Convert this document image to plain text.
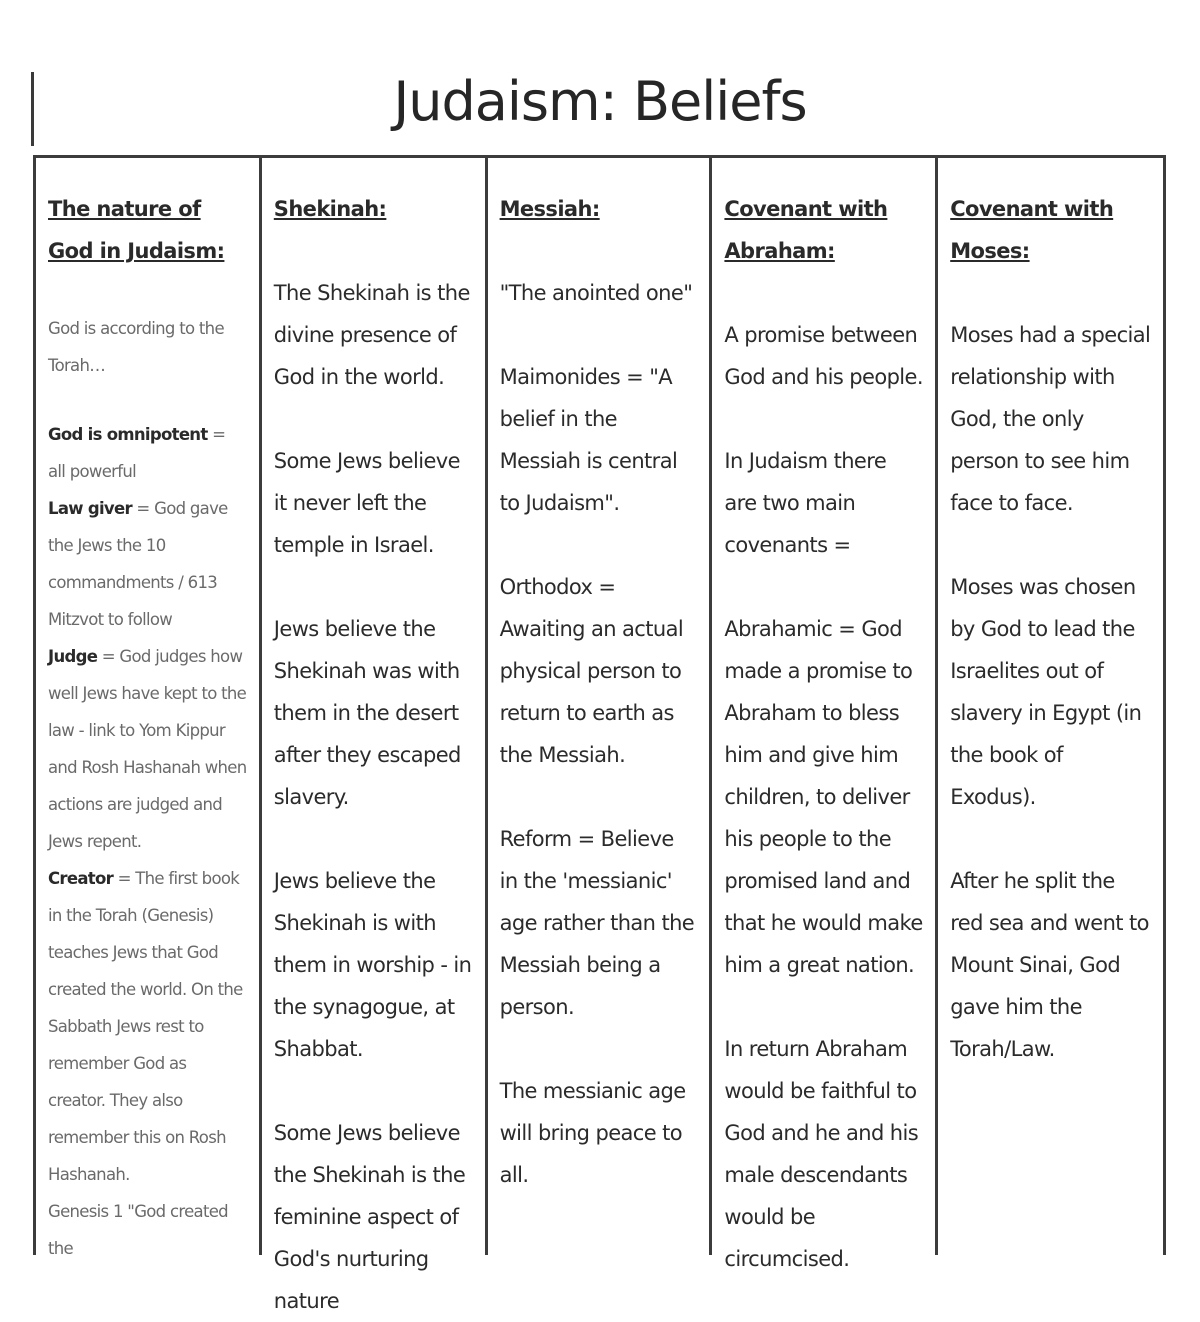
Judaism: Beliefs
The nature of God in Judaism:
God is according to the Torah…
God is omnipotent = all powerful
Law giver = God gave the Jews the 10 commandments / 613 Mitzvot to follow
Judge = God judges how well Jews have kept to the law - link to Yom Kippur and Rosh Hashanah when actions are judged and Jews repent.
Creator = The first book in the Torah (Genesis) teaches Jews that God created the world. On the Sabbath Jews rest to remember God as creator. They also remember this on Rosh Hashanah.
Genesis 1 "God created the
Shekinah:

The Shekinah is the divine presence of God in the world.

Some Jews believe it never left the temple in Israel.

Jews believe the Shekinah was with them in the desert after they escaped slavery.

Jews believe the Shekinah is with them in worship - in the synagogue, at Shabbat.

Some Jews believe the Shekinah is the feminine aspect of God's nurturing nature

Messiah:

"The anointed one"

Maimonides = "A belief in the Messiah is central to Judaism".

Orthodox = Awaiting an actual physical person to return to earth as the Messiah.

Reform = Believe in the 'messianic' age rather than the Messiah being a person.

The messianic age will bring peace to all.

Covenant with Abraham:

A promise between God and his people.

In Judaism there are two main covenants =

Abrahamic = God made a promise to Abraham to bless him and give him children, to deliver his people to the promised land and that he would make him a great nation.

In return Abraham would be faithful to God and he and his male descendants would be circumcised.

Covenant with Moses:

Moses had a special relationship with God, the only person to see him face to face.

Moses was chosen by God to lead the Israelites out of slavery in Egypt (in the book of Exodus).

After he split the red sea and went to Mount Sinai, God gave him the Torah/Law.
